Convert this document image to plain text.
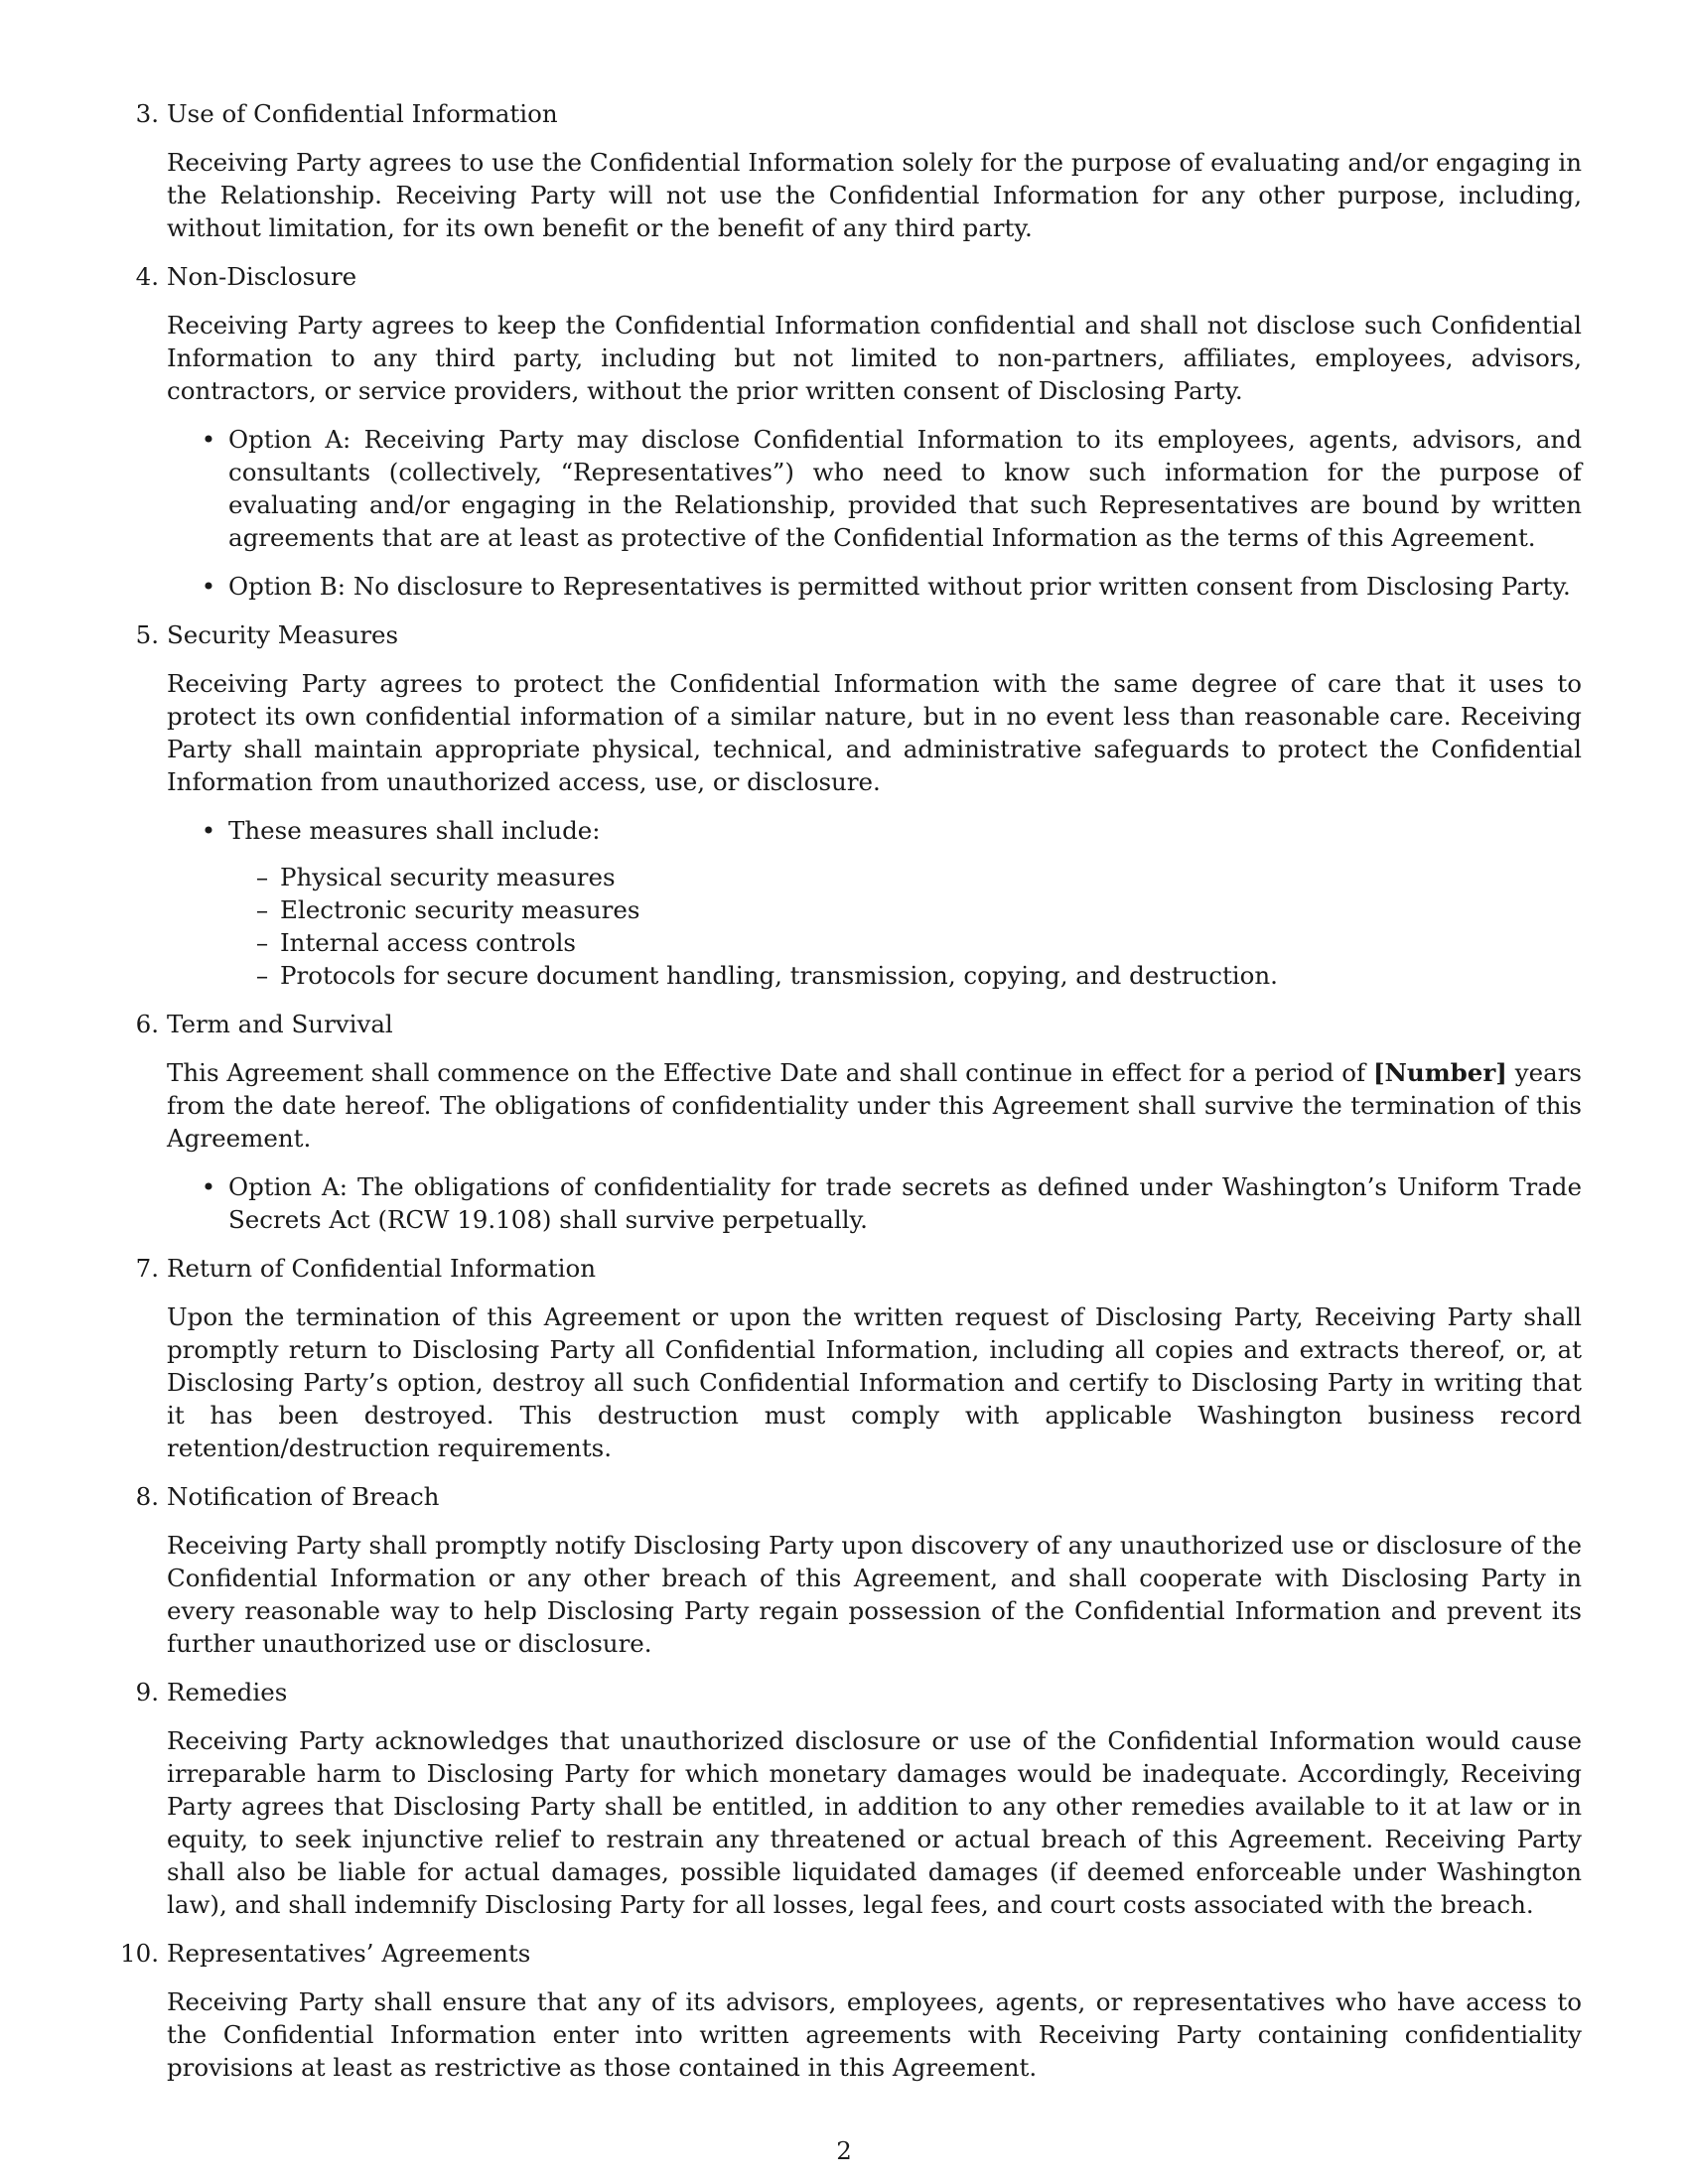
3. Use of Confidential Information
Receiving Party agrees to use the Confidential Information solely for the purpose of evaluating and/or engaging in the Relationship. Receiving Party will not use the Confidential Information for any other purpose, including, without limitation, for its own benefit or the benefit of any third party.
4. Non-Disclosure
Receiving Party agrees to keep the Confidential Information confidential and shall not disclose such Confidential Information to any third party, including but not limited to non-partners, affiliates, employees, advisors, contractors, or service providers, without the prior written consent of Disclosing Party.
• Option A: Receiving Party may disclose Confidential Information to its employees, agents, advisors, and consultants (collectively, “Representatives”) who need to know such information for the purpose of evaluating and/or engaging in the Relationship, provided that such Representatives are bound by written agreements that are at least as protective of the Confidential Information as the terms of this Agreement.
• Option B: No disclosure to Representatives is permitted without prior written consent from Disclosing Party.
5. Security Measures
Receiving Party agrees to protect the Confidential Information with the same degree of care that it uses to protect its own confidential information of a similar nature, but in no event less than reasonable care. Receiving Party shall maintain appropriate physical, technical, and administrative safeguards to protect the Confidential Information from unauthorized access, use, or disclosure.
• These measures shall include:
– Physical security measures
– Electronic security measures
– Internal access controls
– Protocols for secure document handling, transmission, copying, and destruction.
6. Term and Survival
This Agreement shall commence on the Effective Date and shall continue in effect for a period of [Number] years from the date hereof. The obligations of confidentiality under this Agreement shall survive the termination of this Agreement.
• Option A: The obligations of confidentiality for trade secrets as defined under Washington’s Uniform Trade Secrets Act (RCW 19.108) shall survive perpetually.
7. Return of Confidential Information
Upon the termination of this Agreement or upon the written request of Disclosing Party, Receiving Party shall promptly return to Disclosing Party all Confidential Information, including all copies and extracts thereof, or, at Disclosing Party’s option, destroy all such Confidential Information and certify to Disclosing Party in writing that it has been destroyed. This destruction must comply with applicable Washington business record retention/destruction requirements.
8. Notification of Breach
Receiving Party shall promptly notify Disclosing Party upon discovery of any unauthorized use or disclosure of the Confidential Information or any other breach of this Agreement, and shall cooperate with Disclosing Party in every reasonable way to help Disclosing Party regain possession of the Confidential Information and prevent its further unauthorized use or disclosure.
9. Remedies
Receiving Party acknowledges that unauthorized disclosure or use of the Confidential Information would cause irreparable harm to Disclosing Party for which monetary damages would be inadequate. Accordingly, Receiving Party agrees that Disclosing Party shall be entitled, in addition to any other remedies available to it at law or in equity, to seek injunctive relief to restrain any threatened or actual breach of this Agreement. Receiving Party shall also be liable for actual damages, possible liquidated damages (if deemed enforceable under Washington law), and shall indemnify Disclosing Party for all losses, legal fees, and court costs associated with the breach.
10. Representatives’ Agreements
Receiving Party shall ensure that any of its advisors, employees, agents, or representatives who have access to the Confidential Information enter into written agreements with Receiving Party containing confidentiality provisions at least as restrictive as those contained in this Agreement.
2
